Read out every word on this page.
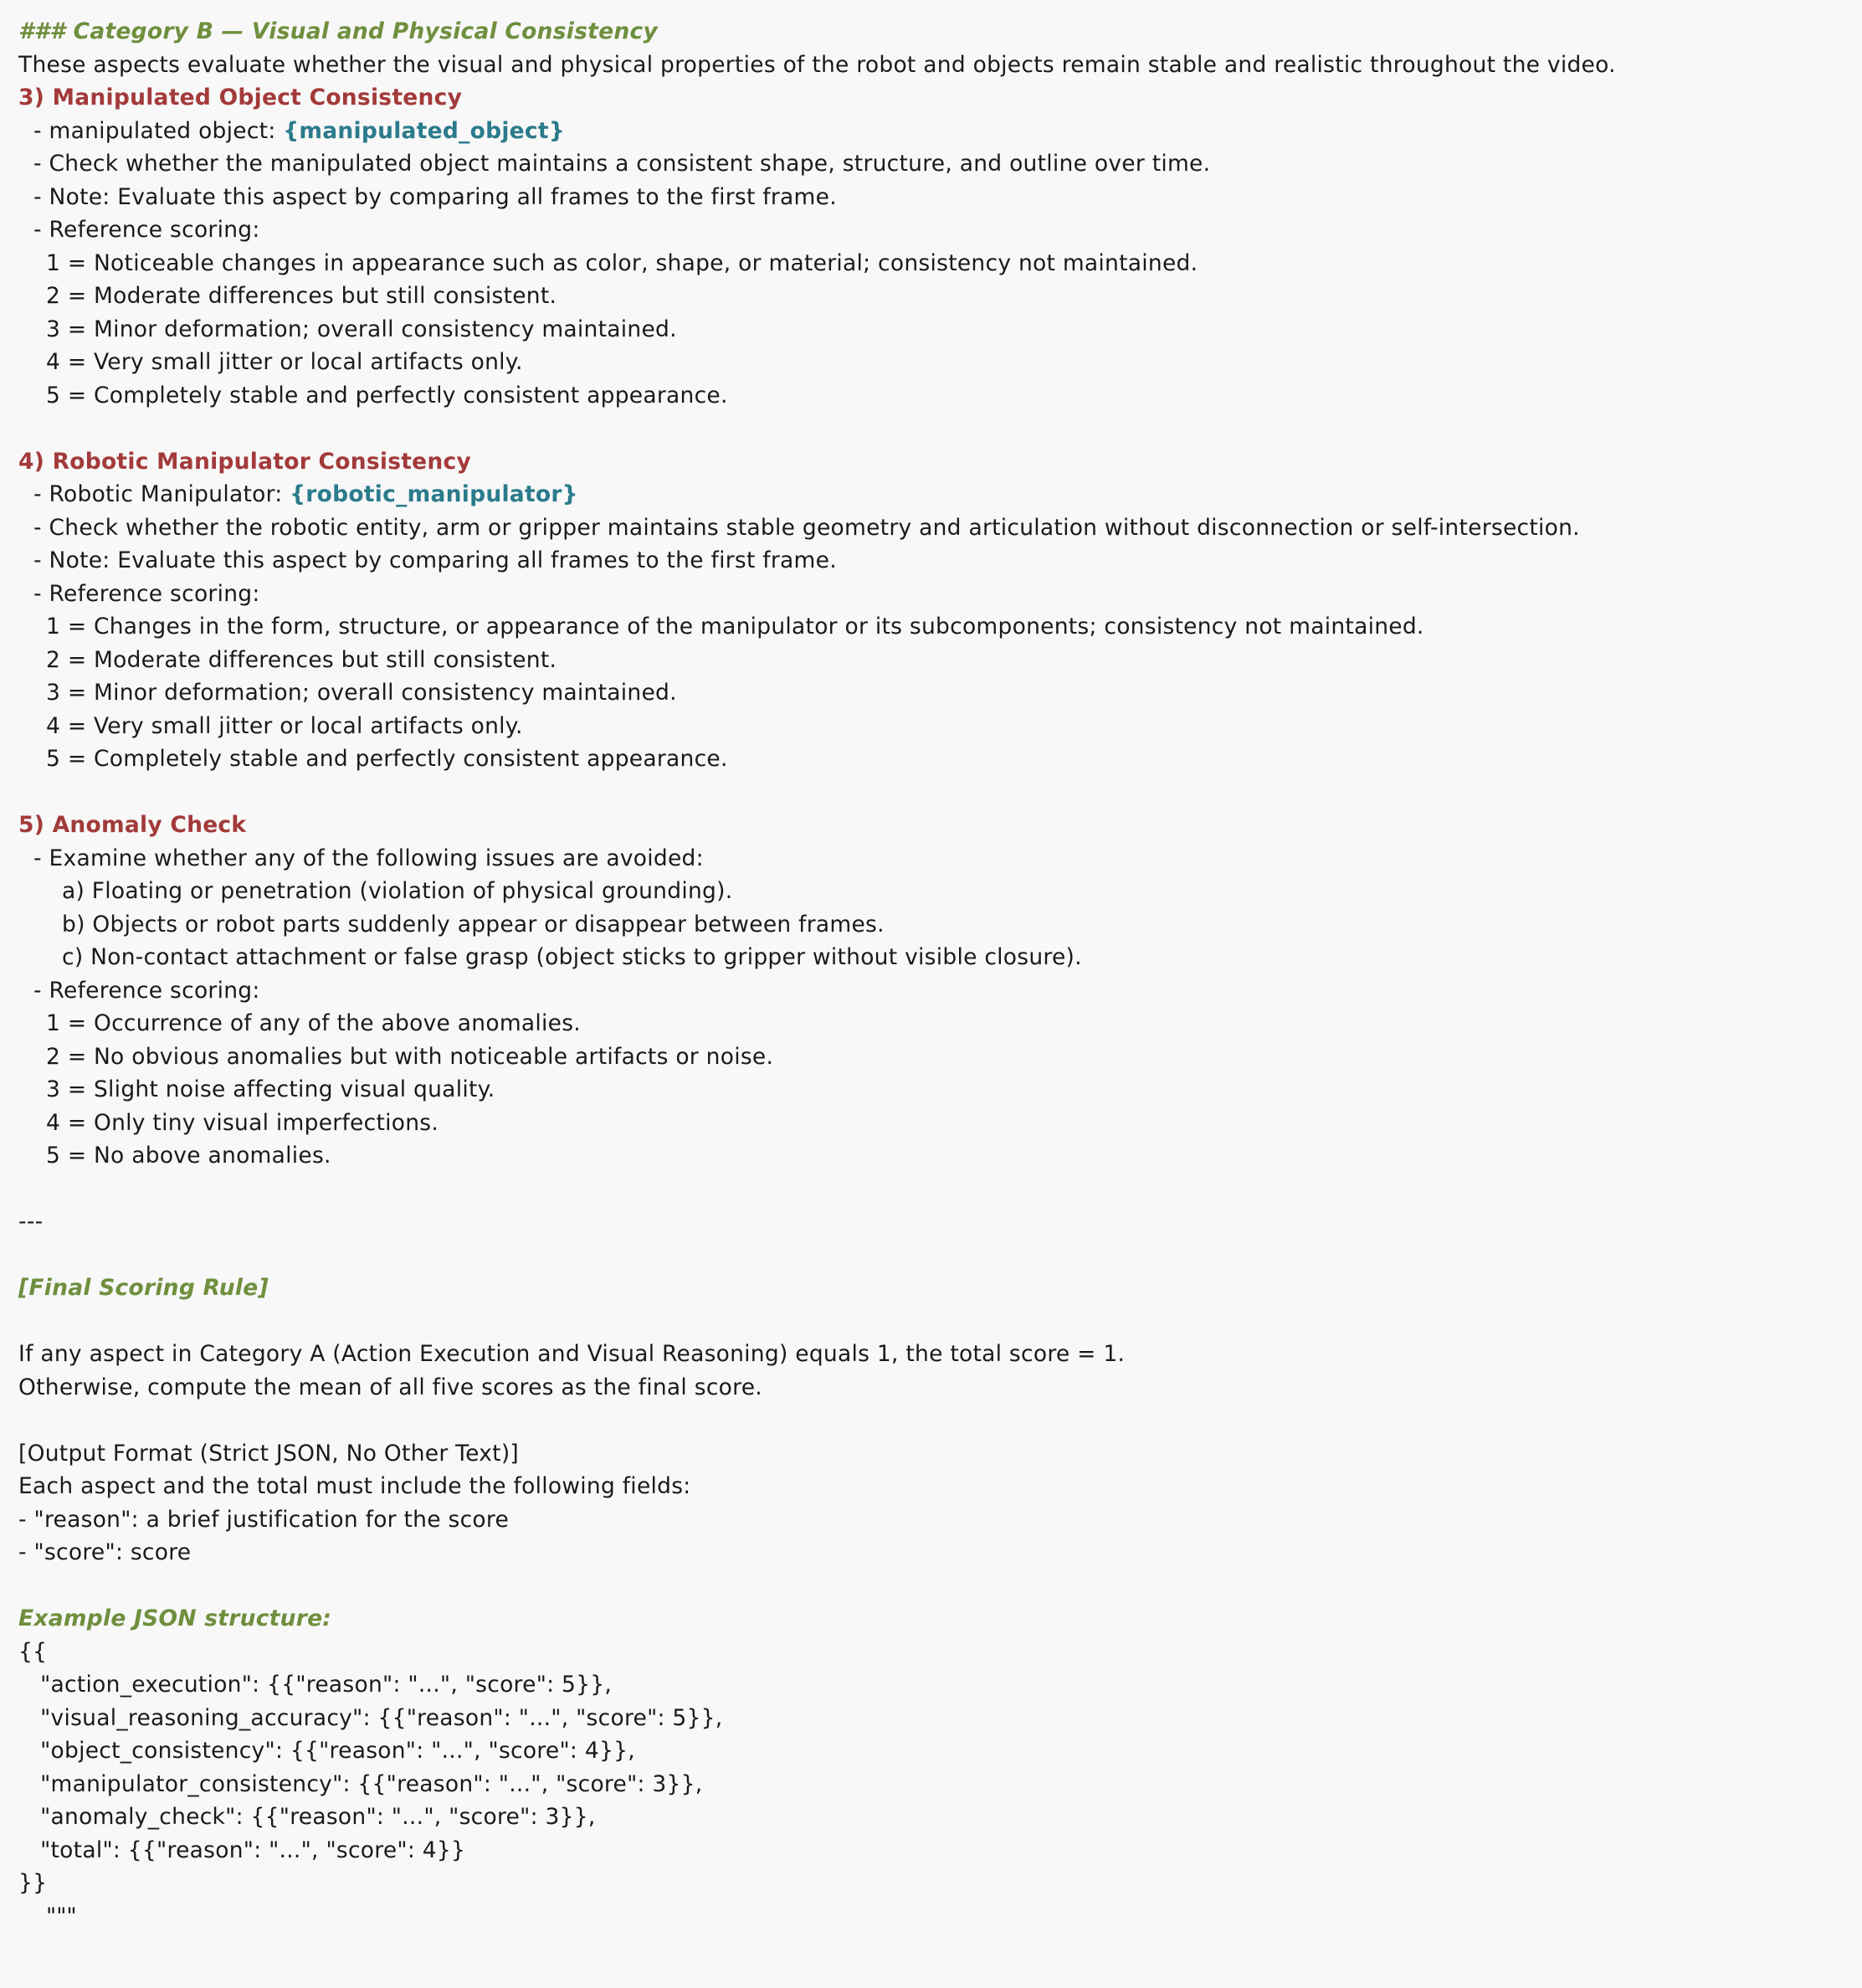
### Category B — Visual and Physical Consistency
These aspects evaluate whether the visual and physical properties of the robot and objects remain stable and realistic throughout the video.
3) Manipulated Object Consistency
- manipulated object: {manipulated_object}
- Check whether the manipulated object maintains a consistent shape, structure, and outline over time.
- Note: Evaluate this aspect by comparing all frames to the first frame.
- Reference scoring:
1 = Noticeable changes in appearance such as color, shape, or material; consistency not maintained.
2 = Moderate differences but still consistent.
3 = Minor deformation; overall consistency maintained.
4 = Very small jitter or local artifacts only.
5 = Completely stable and perfectly consistent appearance.
4) Robotic Manipulator Consistency
- Robotic Manipulator: {robotic_manipulator}
- Check whether the robotic entity, arm or gripper maintains stable geometry and articulation without disconnection or self-intersection.
- Note: Evaluate this aspect by comparing all frames to the first frame.
- Reference scoring:
1 = Changes in the form, structure, or appearance of the manipulator or its subcomponents; consistency not maintained.
2 = Moderate differences but still consistent.
3 = Minor deformation; overall consistency maintained.
4 = Very small jitter or local artifacts only.
5 = Completely stable and perfectly consistent appearance.
5) Anomaly Check
- Examine whether any of the following issues are avoided:
a) Floating or penetration (violation of physical grounding).
b) Objects or robot parts suddenly appear or disappear between frames.
c) Non-contact attachment or false grasp (object sticks to gripper without visible closure).
- Reference scoring:
1 = Occurrence of any of the above anomalies.
2 = No obvious anomalies but with noticeable artifacts or noise.
3 = Slight noise affecting visual quality.
4 = Only tiny visual imperfections.
5 = No above anomalies.
---
[Final Scoring Rule]
If any aspect in Category A (Action Execution and Visual Reasoning) equals 1, the total score = 1.
Otherwise, compute the mean of all five scores as the final score.
[Output Format (Strict JSON, No Other Text)]
Each aspect and the total must include the following fields:
- "reason": a brief justification for the score
- "score": score
Example JSON structure:
{{
"action_execution": {{"reason": "...", "score": 5}},
"visual_reasoning_accuracy": {{"reason": "...", "score": 5}},
"object_consistency": {{"reason": "...", "score": 4}},
"manipulator_consistency": {{"reason": "...", "score": 3}},
"anomaly_check": {{"reason": "...", "score": 3}},
"total": {{"reason": "...", "score": 4}}
}}
"""
